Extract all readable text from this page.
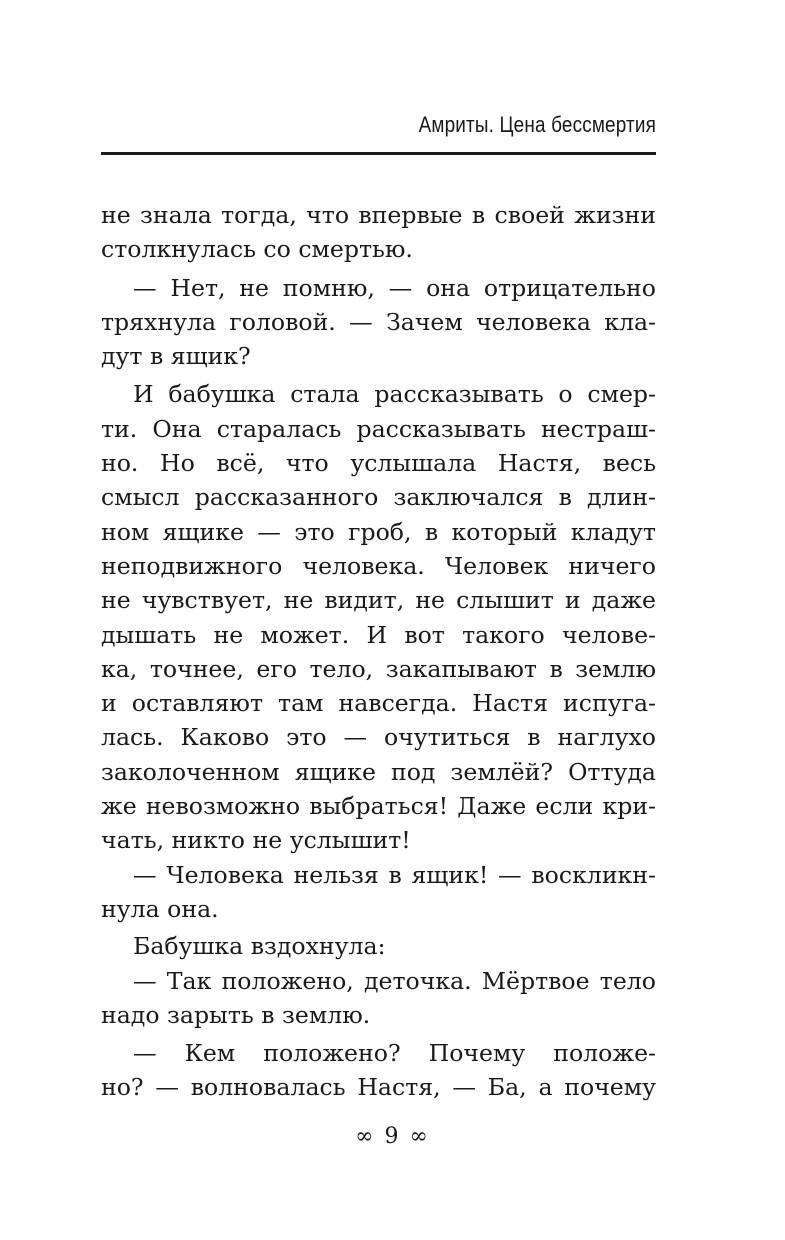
Амриты. Цена бессмертия
не знала тогда, что впервые в своей жизни
столкнулась со смертью.
— Нет, не помню, — она отрицательно
тряхнула головой. — Зачем человека кла-
дут в ящик?
И бабушка стала рассказывать о смер-
ти. Она старалась рассказывать нестраш-
но. Но всё, что услышала Настя, весь
смысл рассказанного заключался в длин-
ном ящике — это гроб, в который кладут
неподвижного человека. Человек ничего
не чувствует, не видит, не слышит и даже
дышать не может. И вот такого челове-
ка, точнее, его тело, закапывают в землю
и оставляют там навсегда. Настя испуга-
лась. Каково это — очутиться в наглухо
заколоченном ящике под землёй? Оттуда
же невозможно выбраться! Даже если кри-
чать, никто не услышит!
— Человека нельзя в ящик! — воскликн-
нула она.
Бабушка вздохнула:
— Так положено, деточка. Мёртвое тело
надо зарыть в землю.
— Кем положено? Почему положе-
но? — волновалась Настя, — Ба, а почему
∞ 9 ∞
